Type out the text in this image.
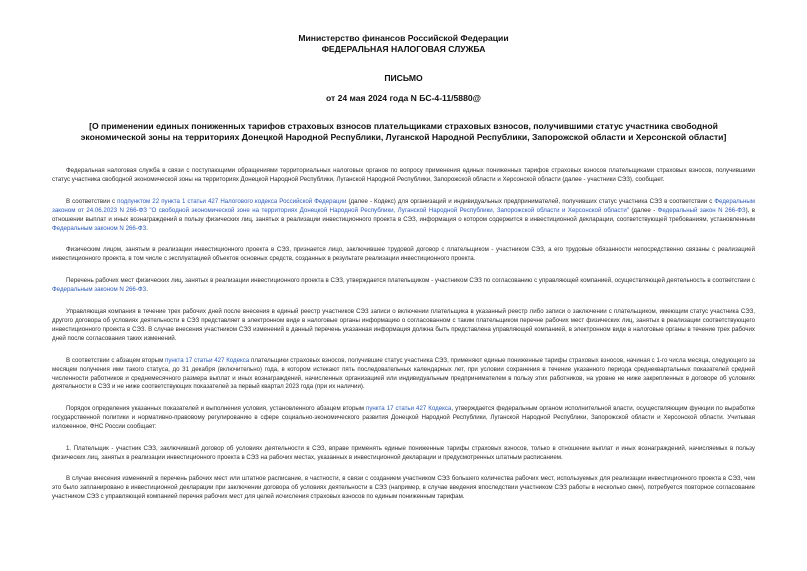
Министерство финансов Российской Федерации
ФЕДЕРАЛЬНАЯ НАЛОГОВАЯ СЛУЖБА
ПИСЬМО
от 24 мая 2024 года N БС-4-11/5880@
[О применении единых пониженных тарифов страховых взносов плательщиками страховых взносов, получившими статус участника свободной экономической зоны на территориях Донецкой Народной Республики, Луганской Народной Республики, Запорожской области и Херсонской области]

Федеральная налоговая служба в связи с поступающими обращениями территориальных налоговых органов по вопросу применения единых пониженных тарифов страховых взносов плательщиками страховых взносов, получившими статус участника свободной экономической зоны на территориях Донецкой Народной Республики, Луганской Народной Республики, Запорожской области и Херсонской области (далее - участники СЭЗ), сообщает.

В соответствии с подпунктом 22 пункта 1 статьи 427 Налогового кодекса Российской Федерации (далее - Кодекс) для организаций и индивидуальных предпринимателей, получивших статус участника СЭЗ в соответствии с Федеральным законом от 24.06.2023 N 266-ФЗ "О свободной экономической зоне на территориях Донецкой Народной Республики, Луганской Народной Республики, Запорожской области и Херсонской области" (далее - Федеральный закон N 266-ФЗ), в отношении выплат и иных вознаграждений в пользу физических лиц, занятых в реализации инвестиционного проекта в СЭЗ, информация о котором содержится в инвестиционной декларации, соответствующей требованиям, установленным Федеральным законом N 266-ФЗ.

Физическим лицом, занятым в реализации инвестиционного проекта в СЭЗ, признается лицо, заключившее трудовой договор с плательщиком - участником СЭЗ, а его трудовые обязанности непосредственно связаны с реализацией инвестиционного проекта, в том числе с эксплуатацией объектов основных средств, созданных в результате реализации инвестиционного проекта.

Перечень рабочих мест физических лиц, занятых в реализации инвестиционного проекта в СЭЗ, утверждается плательщиком - участником СЭЗ по согласованию с управляющей компанией, осуществляющей деятельность в соответствии с Федеральным законом N 266-ФЗ.

Управляющая компания в течение трех рабочих дней после внесения в единый реестр участников СЭЗ записи о включении плательщика в указанный реестр либо записи о заключении с плательщиком, имеющим статус участника СЭЗ, другого договора об условиях деятельности в СЭЗ представляет в электронном виде в налоговые органы информацию о согласованном с таким плательщиком перечне рабочих мест физических лиц, занятых в реализации соответствующего инвестиционного проекта в СЭЗ. В случае внесения участником СЭЗ изменений в данный перечень указанная информация должна быть представлена управляющей компанией, в электронном виде в налоговые органы в течение трех рабочих дней после согласования таких изменений.

В соответствии с абзацем вторым пункта 17 статьи 427 Кодекса плательщики страховых взносов, получившие статус участника СЭЗ, применяют единые пониженные тарифы страховых взносов, начиная с 1-го числа месяца, следующего за месяцем получения ими такого статуса, до 31 декабря (включительно) года, в котором истекают пять последовательных календарных лет, при условии сохранения в течение указанного периода среднеквартальных показателей средней численности работников и среднемесячного размера выплат и иных вознаграждений, начисленных организацией или индивидуальным предпринимателем в пользу этих работников, на уровне не ниже закрепленных в договоре об условиях деятельности в СЭЗ и не ниже соответствующих показателей за первый квартал 2023 года (при их наличии).

Порядок определения указанных показателей и выполнения условия, установленного абзацем вторым пункта 17 статьи 427 Кодекса, утверждается федеральным органом исполнительной власти, осуществляющим функции по выработке государственной политики и нормативно-правовому регулированию в сфере социально-экономического развития Донецкой Народной Республики, Луганской Народной Республики, Запорожской области и Херсонской области. Учитывая изложенное, ФНС России сообщает:

1. Плательщик - участник СЭЗ, заключивший договор об условиях деятельности в СЭЗ, вправе применять единые пониженные тарифы страховых взносов, только в отношении выплат и иных вознаграждений, начисляемых в пользу физических лиц, занятых в реализации инвестиционного проекта в СЭЗ на рабочих местах, указанных в инвестиционной декларации и предусмотренных штатным расписанием.

В случае внесения изменений в перечень рабочих мест или штатное расписание, в частности, в связи с созданием участником СЭЗ большего количества рабочих мест, используемых для реализации инвестиционного проекта в СЭЗ, чем это было запланировано в инвестиционной декларации при заключении договора об условиях деятельности в СЭЗ (например, в случае введения впоследствии участником СЭЗ работы в несколько смен), потребуется повторное согласование участником СЭЗ с управляющей компанией перечня рабочих мест для целей исчисления страховых взносов по единым пониженным тарифам.
